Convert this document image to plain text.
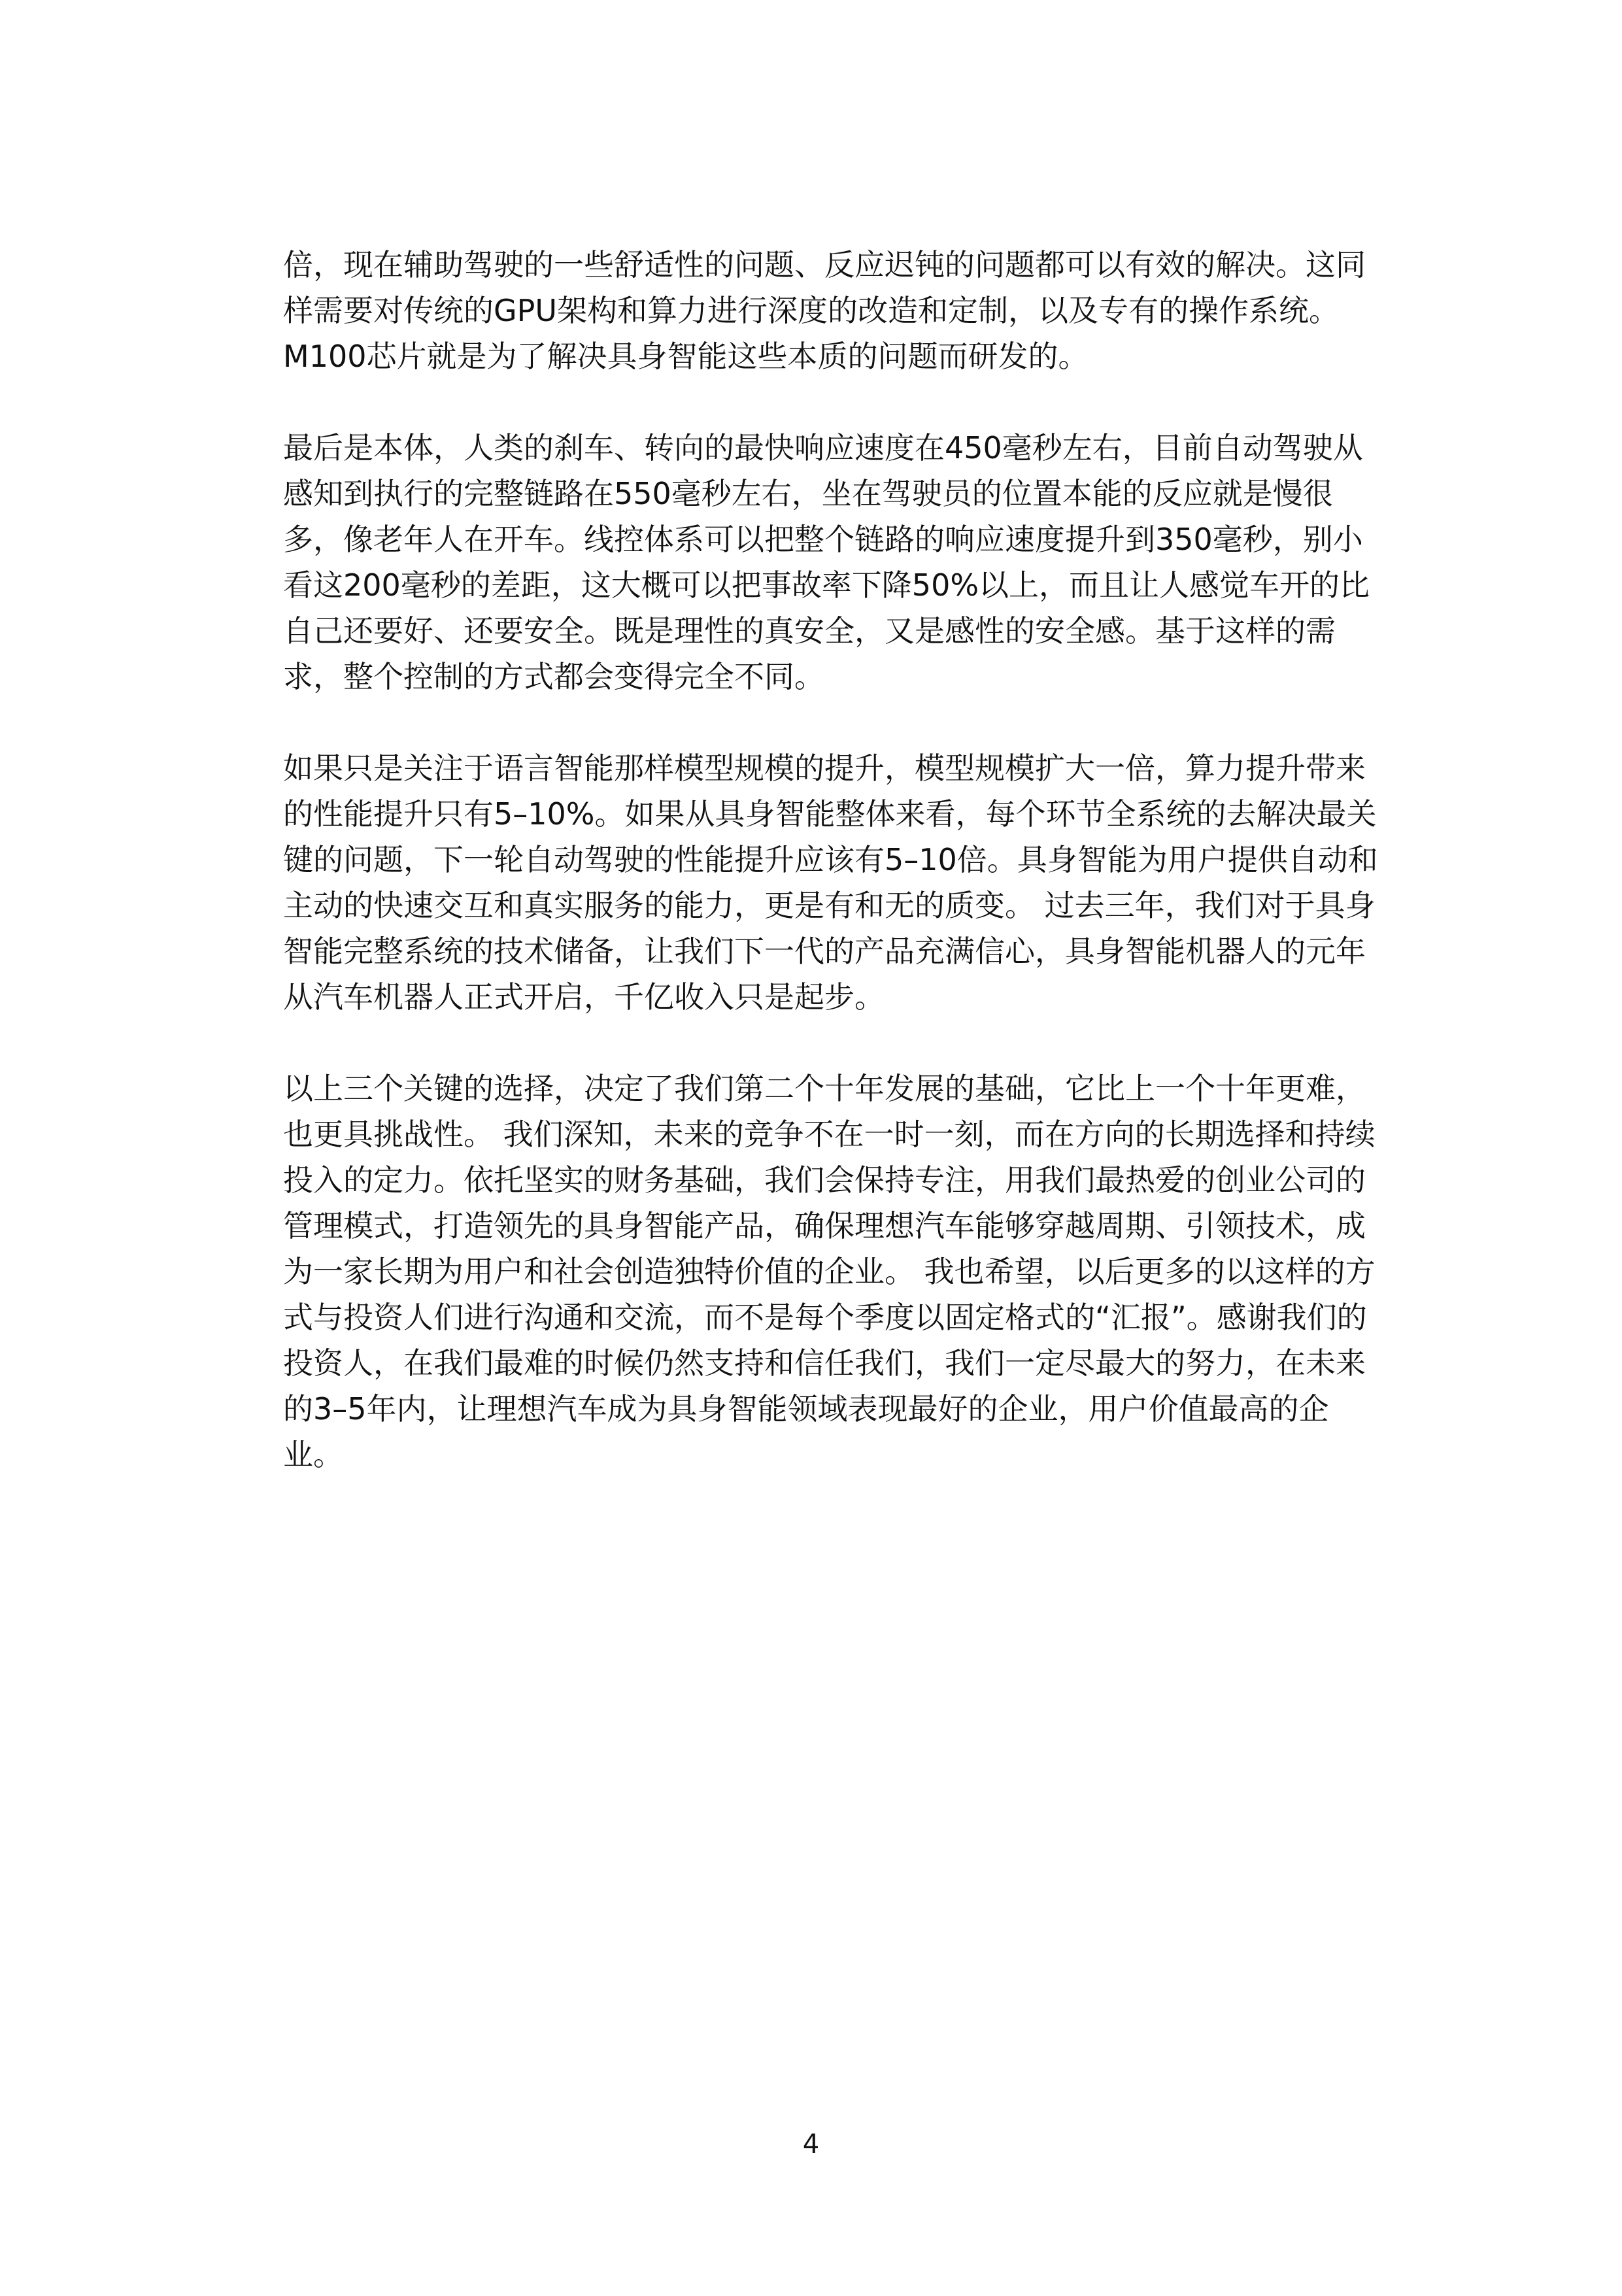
倍，现在辅助驾驶的一些舒适性的问题、反应迟钝的问题都可以有效的解决。这同
样需要对传统的GPU架构和算力进行深度的改造和定制，以及专有的操作系统。
M100芯片就是为了解决具身智能这些本质的问题而研发的。

最后是本体，人类的刹车、转向的最快响应速度在450毫秒左右，目前自动驾驶从
感知到执行的完整链路在550毫秒左右，坐在驾驶员的位置本能的反应就是慢很
多，像老年人在开车。线控体系可以把整个链路的响应速度提升到350毫秒，别小
看这200毫秒的差距，这大概可以把事故率下降50%以上，而且让人感觉车开的比
自己还要好、还要安全。既是理性的真安全，又是感性的安全感。基于这样的需
求，整个控制的方式都会变得完全不同。

如果只是关注于语言智能那样模型规模的提升，模型规模扩大一倍，算力提升带来
的性能提升只有5–10%。如果从具身智能整体来看，每个环节全系统的去解决最关
键的问题，下一轮自动驾驶的性能提升应该有5–10倍。具身智能为用户提供自动和
主动的快速交互和真实服务的能力，更是有和无的质变。 过去三年，我们对于具身
智能完整系统的技术储备，让我们下一代的产品充满信心，具身智能机器人的元年
从汽车机器人正式开启，千亿收入只是起步。

以上三个关键的选择，决定了我们第二个十年发展的基础，它比上一个十年更难，
也更具挑战性。 我们深知，未来的竞争不在一时一刻，而在方向的长期选择和持续
投入的定力。依托坚实的财务基础，我们会保持专注，用我们最热爱的创业公司的
管理模式，打造领先的具身智能产品，确保理想汽车能够穿越周期、引领技术，成
为一家长期为用户和社会创造独特价值的企业。 我也希望，以后更多的以这样的方
式与投资人们进行沟通和交流，而不是每个季度以固定格式的“汇报”。感谢我们的
投资人，在我们最难的时候仍然支持和信任我们，我们一定尽最大的努力，在未来
的3–5年内，让理想汽车成为具身智能领域表现最好的企业，用户价值最高的企
业。

4
